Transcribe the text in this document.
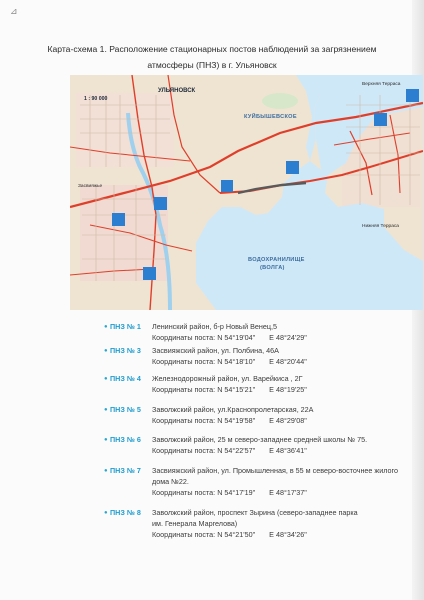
⊿
Карта-схема 1. Расположение стационарных постов наблюдений за загрязнением
атмосферы (ПНЗ) в г. Ульяновск
УЛЬЯНОВСК
КУЙБЫШЕВСКОЕ
ВОДОХРАНИЛИЩЕ
(ВОЛГА)
Засвияжье
Нижняя Терраса
Верхняя Терраса
1 : 90 000
● ПНЗ № 1 Ленинский район, б-р Новый Венец,5
Координаты поста: N 54°19'04" E 48°24'29"
● ПНЗ № 3 Засвияжский район, ул. Полбина, 46А
Координаты поста: N 54°18'10" E 48°20'44"
● ПНЗ № 4 Железнодорожный район, ул. Варейкиса , 2Г
Координаты поста: N 54°15'21" E 48°19'25"
● ПНЗ № 5 Заволжский район, ул.Краснопролетарская, 22А
Координаты поста: N 54°19'58" E 48°29'08"
● ПНЗ № 6 Заволжский район, 25 м северо-западнее средней школы № 75.
Координаты поста: N 54°22'57" E 48°36'41"
● ПНЗ № 7 Засвияжский район, ул. Промышленная, в 55 м северо-восточнее жилого
дома №22.
Координаты поста: N 54°17'19" E 48°17'37"
● ПНЗ № 8 Заволжский район, проспект Зырина (северо-западнее парка
им. Генерала Маргелова)
Координаты поста: N 54°21'50" E 48°34'26"
